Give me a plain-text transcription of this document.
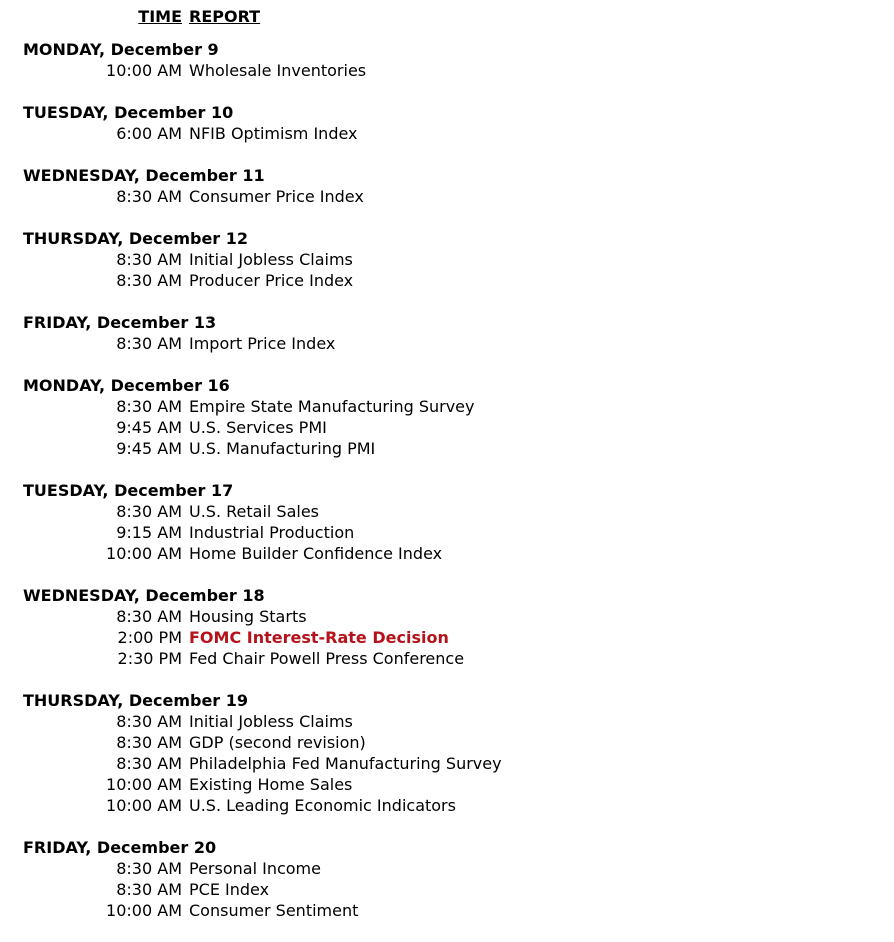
TIME REPORT
MONDAY, December 9
10:00 AM Wholesale Inventories
TUESDAY, December 10
6:00 AM NFIB Optimism Index
WEDNESDAY, December 11
8:30 AM Consumer Price Index
THURSDAY, December 12
8:30 AM Initial Jobless Claims
8:30 AM Producer Price Index
FRIDAY, December 13
8:30 AM Import Price Index
MONDAY, December 16
8:30 AM Empire State Manufacturing Survey
9:45 AM U.S. Services PMI
9:45 AM U.S. Manufacturing PMI
TUESDAY, December 17
8:30 AM U.S. Retail Sales
9:15 AM Industrial Production
10:00 AM Home Builder Confidence Index
WEDNESDAY, December 18
8:30 AM Housing Starts
2:00 PM FOMC Interest-Rate Decision
2:30 PM Fed Chair Powell Press Conference
THURSDAY, December 19
8:30 AM Initial Jobless Claims
8:30 AM GDP (second revision)
8:30 AM Philadelphia Fed Manufacturing Survey
10:00 AM Existing Home Sales
10:00 AM U.S. Leading Economic Indicators
FRIDAY, December 20
8:30 AM Personal Income
8:30 AM PCE Index
10:00 AM Consumer Sentiment
